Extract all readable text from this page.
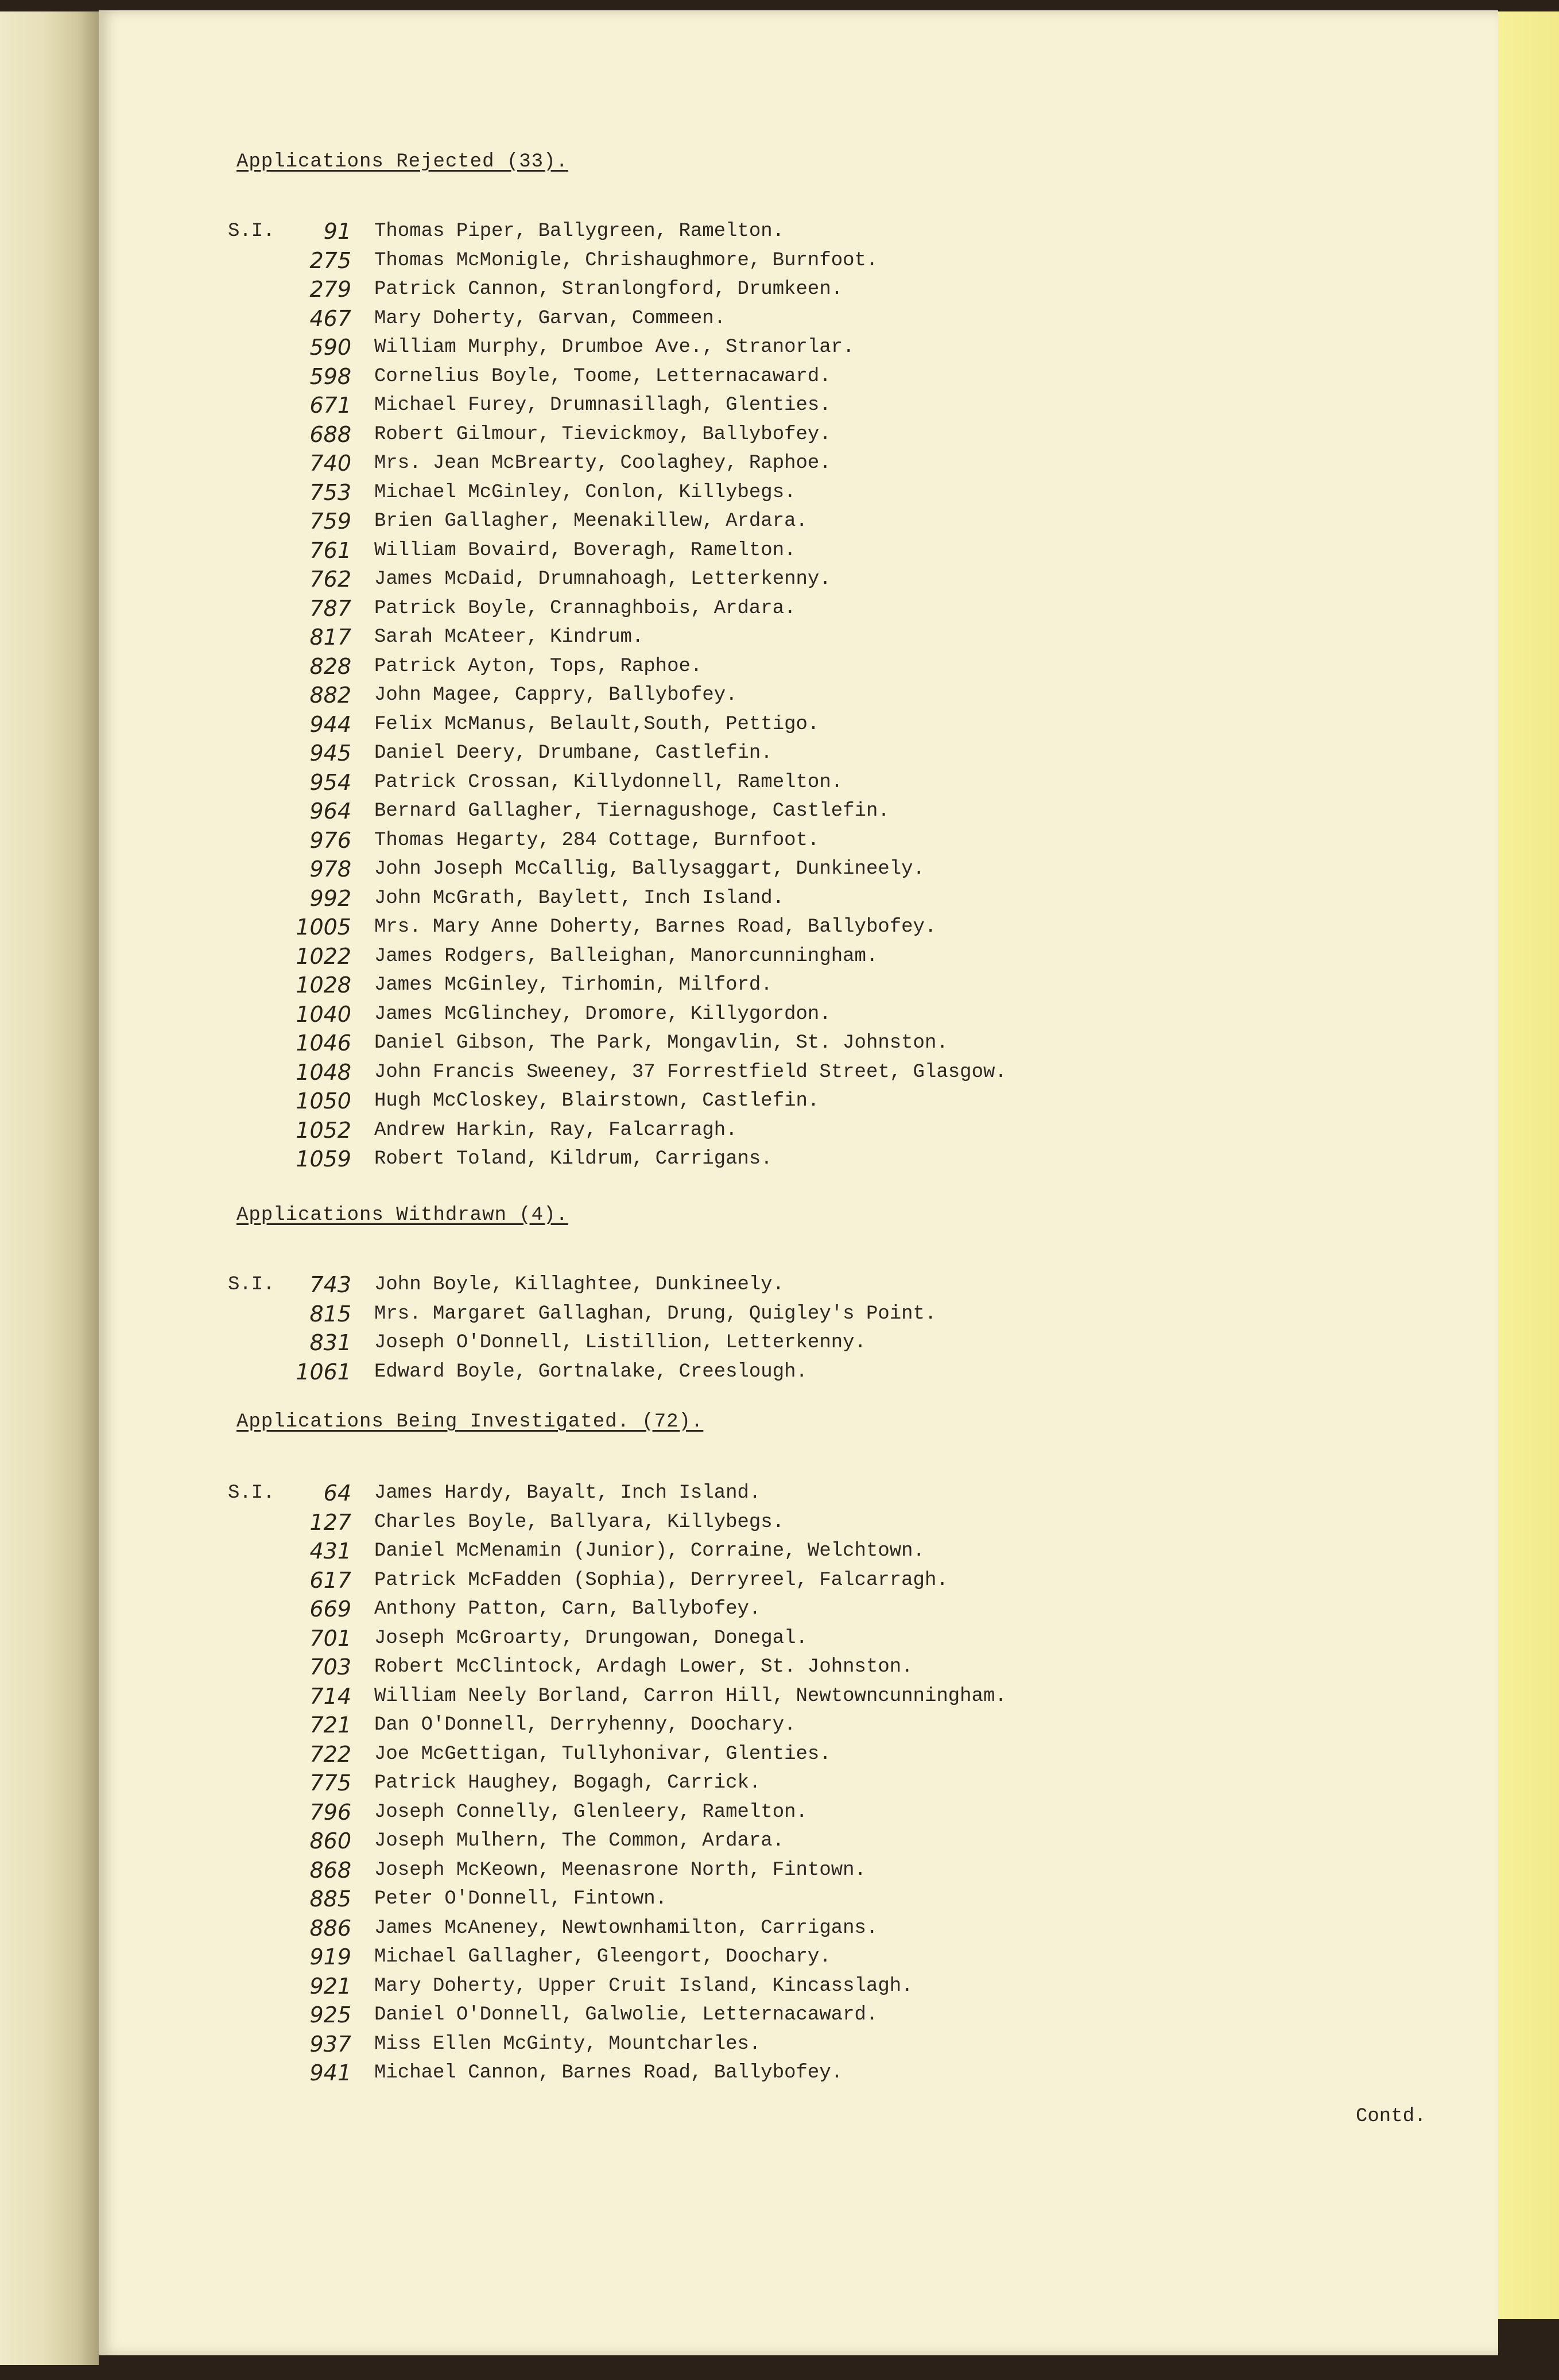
Applications Rejected (33).
S.I.	91 Thomas Piper, Ballygreen, Ramelton.
275 Thomas McMonigle, Chrishaughmore, Burnfoot.
279 Patrick Cannon, Stranlongford, Drumkeen.
467 Mary Doherty, Garvan, Commeen.
590 William Murphy, Drumboe Ave., Stranorlar.
598 Cornelius Boyle, Toome, Letternacaward.
671 Michael Furey, Drumnasillagh, Glenties.
688 Robert Gilmour, Tievickmoy, Ballybofey.
740 Mrs. Jean McBrearty, Coolaghey, Raphoe.
753 Michael McGinley, Conlon, Killybegs.
759 Brien Gallagher, Meenakillew, Ardara.
761 William Bovaird, Boveragh, Ramelton.
762 James McDaid, Drumnahoagh, Letterkenny.
787 Patrick Boyle, Crannaghbois, Ardara.
817 Sarah McAteer, Kindrum.
828 Patrick Ayton, Tops, Raphoe.
882 John Magee, Cappry, Ballybofey.
944 Felix McManus, Belault,South, Pettigo.
945 Daniel Deery, Drumbane, Castlefin.
954 Patrick Crossan, Killydonnell, Ramelton.
964 Bernard Gallagher, Tiernagushoge, Castlefin.
976 Thomas Hegarty, 284 Cottage, Burnfoot.
978 John Joseph McCallig, Ballysaggart, Dunkineely.
992 John McGrath, Baylett, Inch Island.
1005 Mrs. Mary Anne Doherty, Barnes Road, Ballybofey.
1022 James Rodgers, Balleighan, Manorcunningham.
1028 James McGinley, Tirhomin, Milford.
1040 James McGlinchey, Dromore, Killygordon.
1046 Daniel Gibson, The Park, Mongavlin, St. Johnston.
1048 John Francis Sweeney, 37 Forrestfield Street, Glasgow.
1050 Hugh McCloskey, Blairstown, Castlefin.
1052 Andrew Harkin, Ray, Falcarragh.
1059 Robert Toland, Kildrum, Carrigans.
Applications Withdrawn (4).
S.I.	743 John Boyle, Killaghtee, Dunkineely.
815 Mrs. Margaret Gallaghan, Drung, Quigley's Point.
831 Joseph O'Donnell, Listillion, Letterkenny.
1061 Edward Boyle, Gortnalake, Creeslough.
Applications Being Investigated. (72).
S.I.	64 James Hardy, Bayalt, Inch Island.
127 Charles Boyle, Ballyara, Killybegs.
431 Daniel McMenamin (Junior), Corraine, Welchtown.
617 Patrick McFadden (Sophia), Derryreel, Falcarragh.
669 Anthony Patton, Carn, Ballybofey.
701 Joseph McGroarty, Drungowan, Donegal.
703 Robert McClintock, Ardagh Lower, St. Johnston.
714 William Neely Borland, Carron Hill, Newtowncunningham.
721 Dan O'Donnell, Derryhenny, Doochary.
722 Joe McGettigan, Tullyhonivar, Glenties.
775 Patrick Haughey, Bogagh, Carrick.
796 Joseph Connelly, Glenleery, Ramelton.
860 Joseph Mulhern, The Common, Ardara.
868 Joseph McKeown, Meenasrone North, Fintown.
885 Peter O'Donnell, Fintown.
886 James McAneney, Newtownhamilton, Carrigans.
919 Michael Gallagher, Gleengort, Doochary.
921 Mary Doherty, Upper Cruit Island, Kincasslagh.
925 Daniel O'Donnell, Galwolie, Letternacaward.
937 Miss Ellen McGinty, Mountcharles.
941 Michael Cannon, Barnes Road, Ballybofey.
Contd.
